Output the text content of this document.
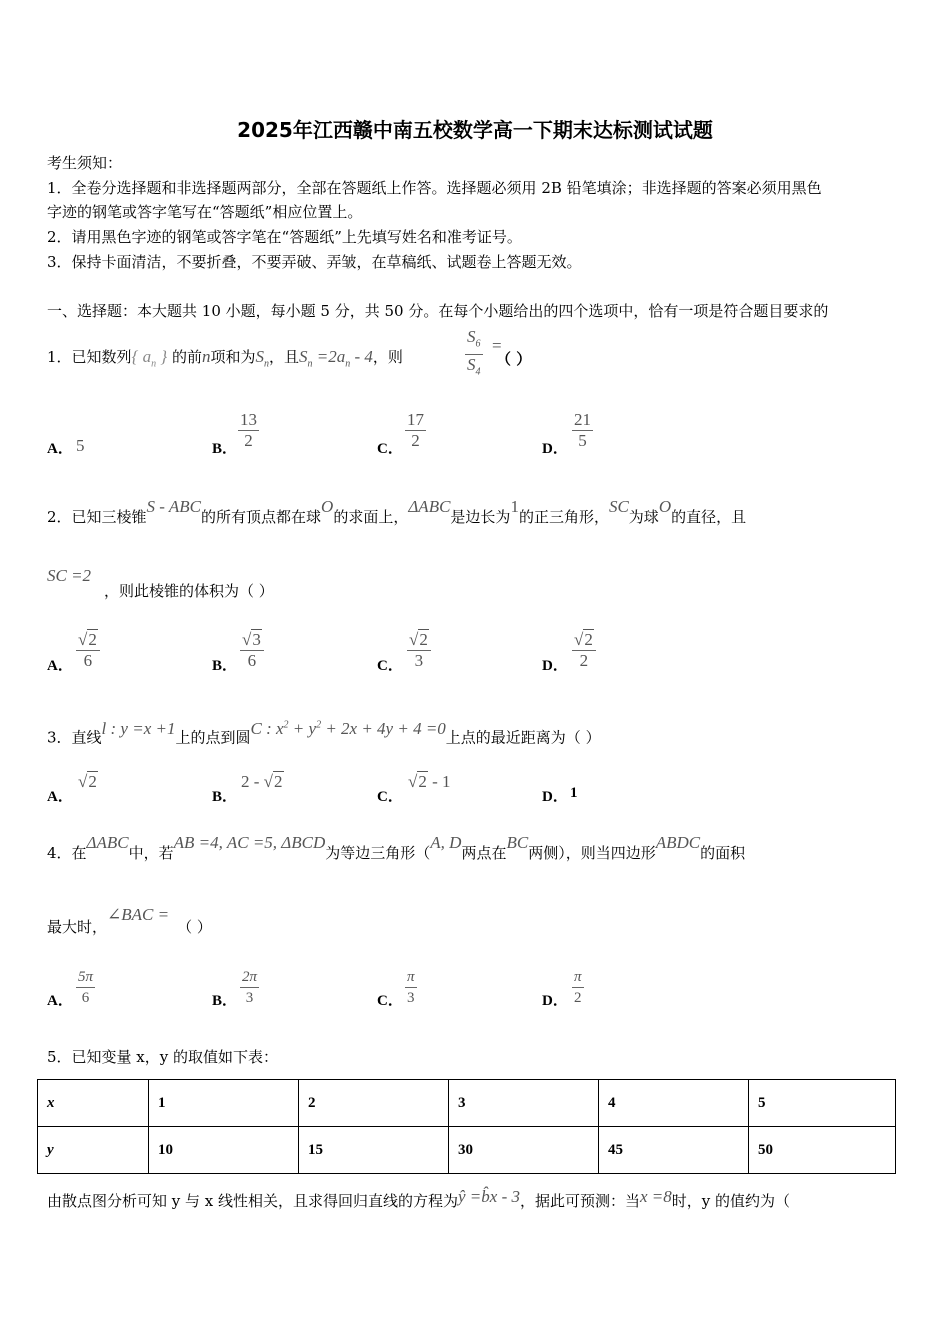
2025年江西赣中南五校数学高一下期末达标测试试题
考生须知：
1．全卷分选择题和非选择题两部分，全部在答题纸上作答。选择题必须用 2B 铅笔填涂；非选择题的答案必须用黑色
字迹的钢笔或答字笔写在“答题纸”相应位置上。
2．请用黑色字迹的钢笔或答字笔在“答题纸”上先填写姓名和准考证号。
3．保持卡面清洁，不要折叠，不要弄破、弄皱，在草稿纸、试题卷上答题无效。
一、选择题：本大题共 10 小题，每小题 5 分，共 50 分。在每个小题给出的四个选项中，恰有一项是符合题目要求的
1．已知数列{ $a_n$ } 的前n项和为$S_n$，且$S_n =2a_n - 4$，则	$\frac{S_6}{S_4}$ =
（ ）
A． 5	B． $\frac{13}{2}$	C． $\frac{17}{2}$	D． $\frac{21}{5}$
2．已知三棱锥S - ABC的所有顶点都在球O的求面上，ΔABC是边长为1的正三角形，SC为球O的直径，且
SC =2
，则此棱锥的体积为（ ）
A． $\frac{√2}{6}$	B． $\frac{√3}{6}$	C． $\frac{√2}{3}$	D． $\frac{√2}{2}$
3．直线l : y =x +1上的点到圆C : $x^2 + y^2 + 2x + 4y + 4 =0$上点的最近距离为（ ）
A．
√2
B．
2 - √2
C．
√2 - 1
D． 1
4．在ΔABC中，若AB =4, AC =5, ΔBCD为等边三角形（A, D两点在BC两侧），则当四边形ABDC的面积
最大时，∠BAC =（ ）
A． $\frac{5\pi}{6}$	B． $\frac{2\pi}{3}$	C． $\frac{\pi}{3}$	D． $\frac{\pi}{2}$
5．已知变量 x，y 的取值如下表：
x	1	2	3	4	5
y	10	15	30	45	50
由散点图分析可知 y 与 x 线性相关，且求得回归直线的方程为ŷ =b̂x - 3，据此可预测：当x =8时，y 的值约为（
